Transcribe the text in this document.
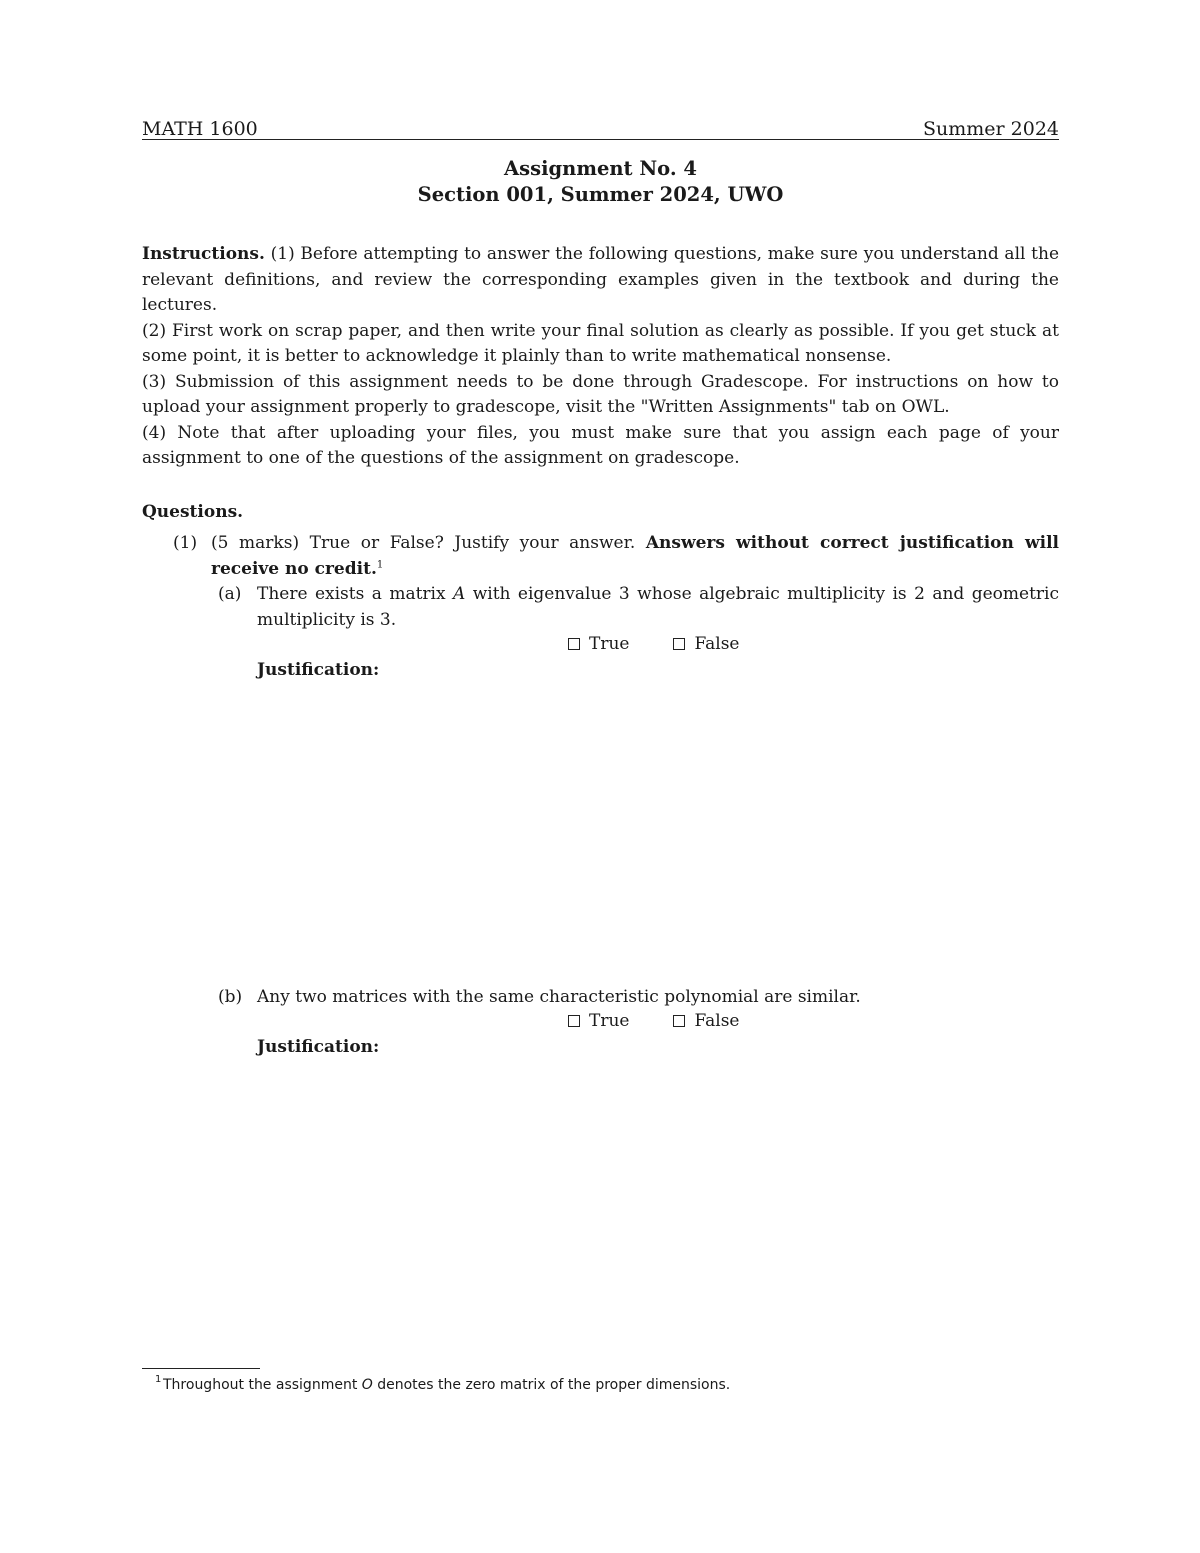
MATH 1600	Summer 2024
Assignment No. 4
Section 001, Summer 2024, UWO

Instructions. (1) Before attempting to answer the following questions, make sure you understand all the relevant definitions, and review the corresponding examples given in the textbook and during the lectures.

(2) First work on scrap paper, and then write your final solution as clearly as possible. If you get stuck at some point, it is better to acknowledge it plainly than to write mathematical nonsense.

(3) Submission of this assignment needs to be done through Gradescope. For instructions on how to upload your assignment properly to gradescope, visit the "Written Assignments" tab on OWL.

(4) Note that after uploading your files, you must make sure that you assign each page of your assignment to one of the questions of the assignment on gradescope.

Questions.
(1) (5 marks) True or False? Justify your answer. Answers without correct justification will receive no credit.$^1$
(a) There exists a matrix A with eigenvalue 3 whose algebraic multiplicity is 2 and geometric multiplicity is 3.
True	False
Justification:
(b) Any two matrices with the same characteristic polynomial are similar.
True	False
Justification:
1 Throughout the assignment O denotes the zero matrix of the proper dimensions.
